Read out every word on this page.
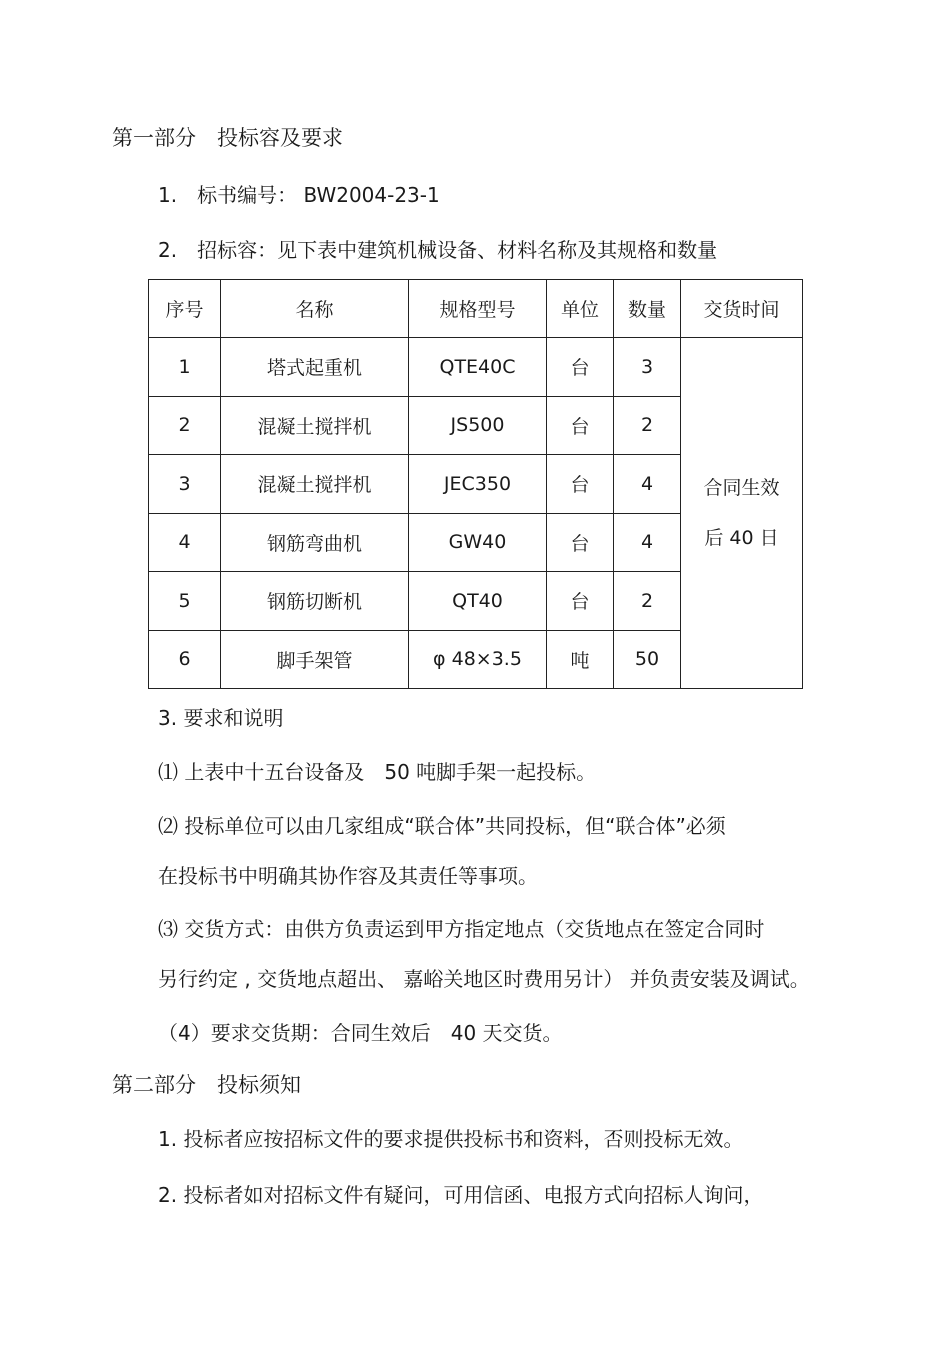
第一部分　投标容及要求
1.　标书编号： BW2004-23-1
2.　招标容：见下表中建筑机械设备、材料名称及其规格和数量
序号	名称	规格型号	单位	数量	交货时间
1	塔式起重机	QTE40C	台	3	合同生效
后 40 日

2	混凝土搅拌机	JS500	台	2	
3	混凝土搅拌机	JEC350	台	4	
4	钢筋弯曲机	GW40	台	4	
5	钢筋切断机	QT40	台	2	
6	脚手架管	φ 48×3.5	吨	50	
3. 要求和说明
⑴ 上表中十五台设备及　50 吨脚手架一起投标。
⑵ 投标单位可以由几家组成“联合体”共同投标，但“联合体”必须
在投标书中明确其协作容及其责任等事项。
⑶ 交货方式：由供方负责运到甲方指定地点（交货地点在签定合同时
另行约定 , 交货地点超出、 嘉峪关地区时费用另计） 并负责安装及调试。
（4）要求交货期：合同生效后　40 天交货。
第二部分　投标须知
1. 投标者应按招标文件的要求提供投标书和资料，否则投标无效。
2. 投标者如对招标文件有疑问，可用信函、电报方式向招标人询问，
